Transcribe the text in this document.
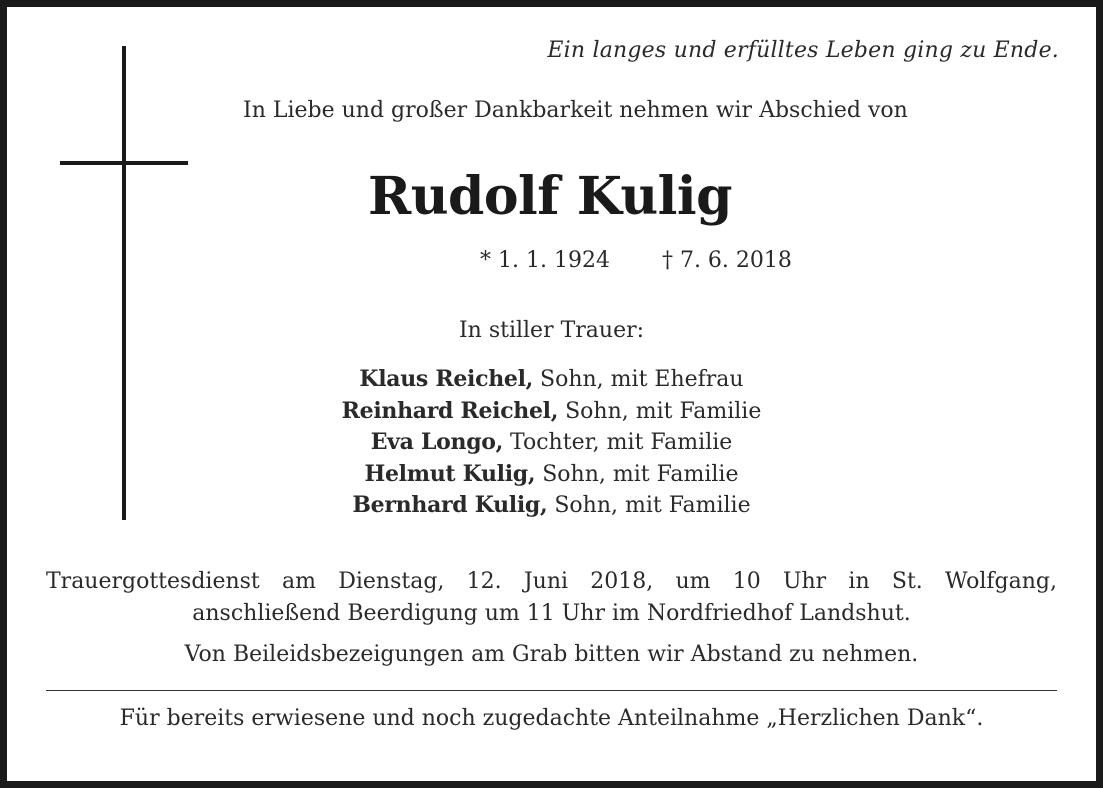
Ein langes und erfülltes Leben ging zu Ende.
In Liebe und großer Dankbarkeit nehmen wir Abschied von
Rudolf Kulig
* 1. 1. 1924 † 7. 6. 2018
In stiller Trauer:
Klaus Reichel, Sohn, mit Ehefrau
Reinhard Reichel, Sohn, mit Familie
Eva Longo, Tochter, mit Familie
Helmut Kulig, Sohn, mit Familie
Bernhard Kulig, Sohn, mit Familie
Trauergottesdienst am Dienstag, 12. Juni 2018, um 10 Uhr in St. Wolfgang,
anschließend Beerdigung um 11 Uhr im Nordfriedhof Landshut.
Von Beileidsbezeigungen am Grab bitten wir Abstand zu nehmen.
Für bereits erwiesene und noch zugedachte Anteilnahme „Herzlichen Dank“.
